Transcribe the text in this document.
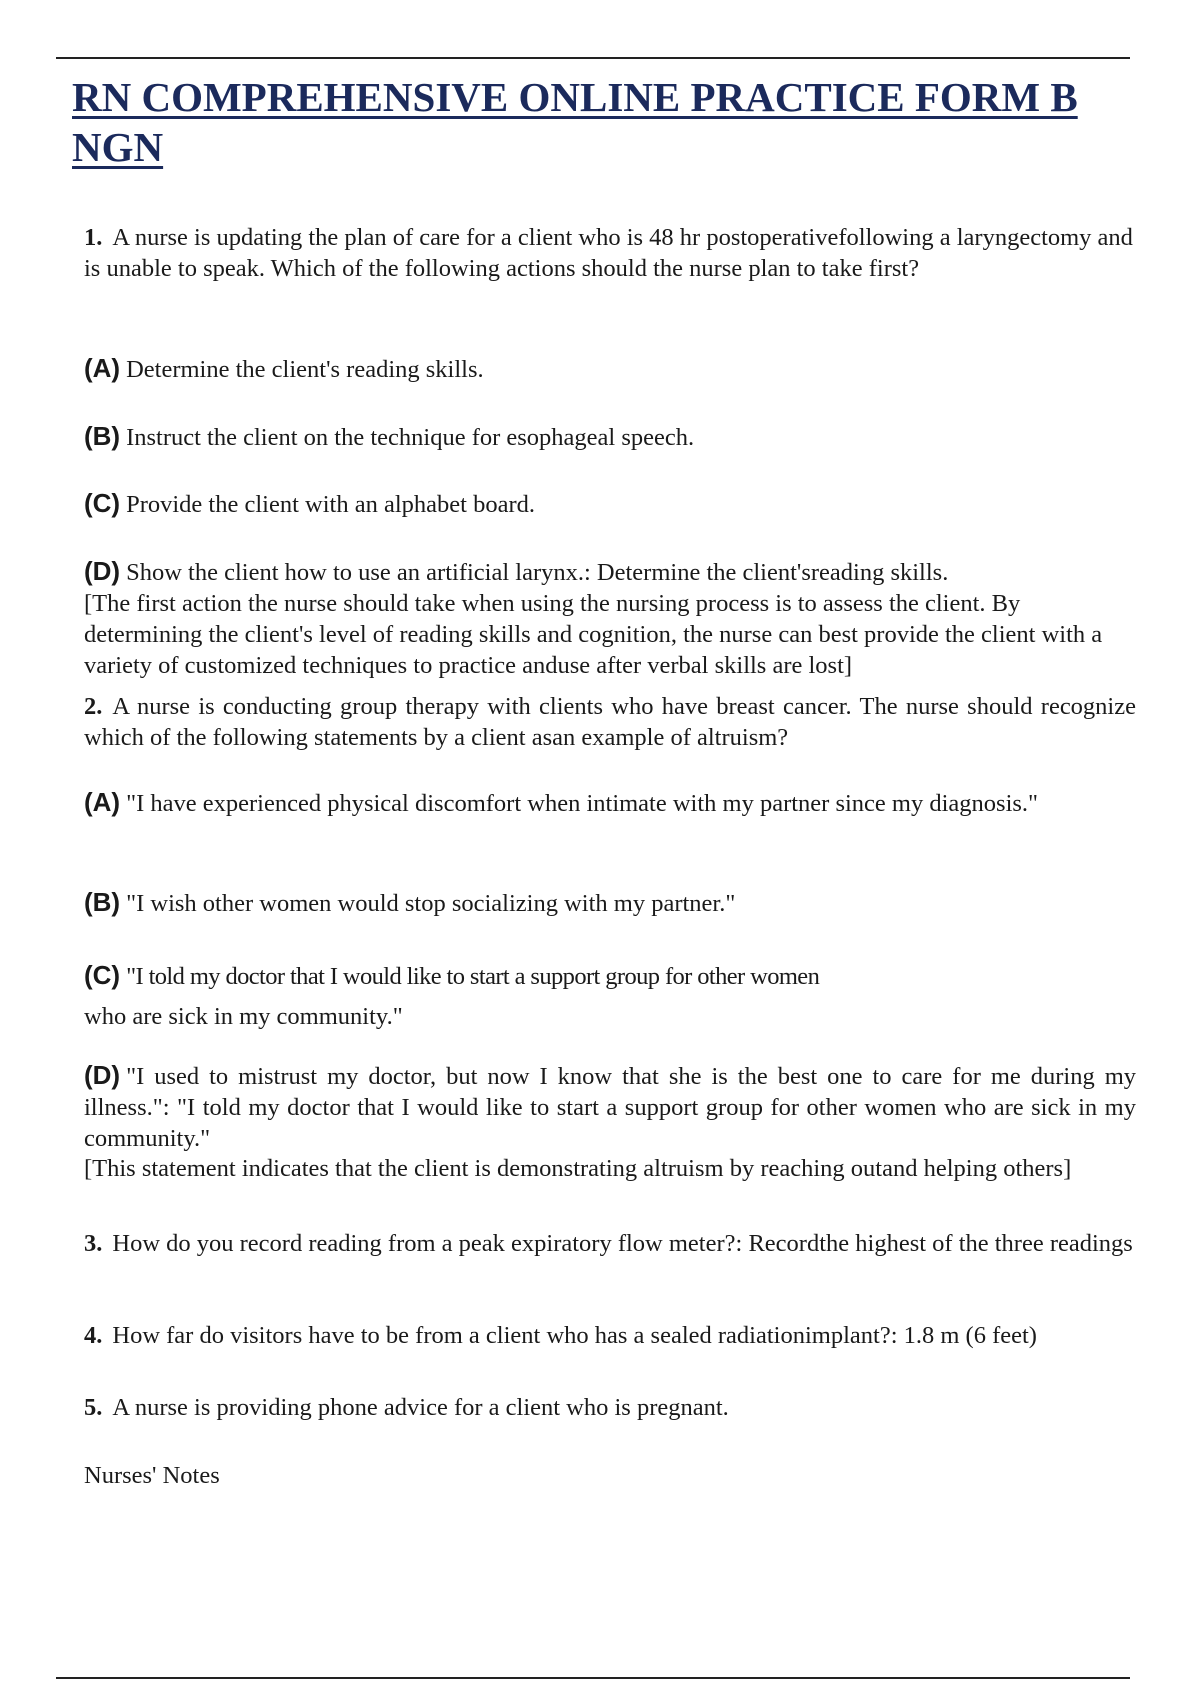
RN COMPREHENSIVE ONLINE PRACTICE FORM B
NGN
1. A nurse is updating the plan of care for a client who is 48 hr postoperativefollowing a laryngectomy and is unable to speak. Which of the following actions should the nurse plan to take first?
(A) Determine the client's reading skills.
(B) Instruct the client on the technique for esophageal speech.
(C) Provide the client with an alphabet board.
(D) Show the client how to use an artificial larynx.: Determine the client'sreading skills.
[The first action the nurse should take when using the nursing process is to assess the client. By determining the client's level of reading skills and cognition, the nurse can best provide the client with a variety of customized techniques to practice anduse after verbal skills are lost]
2. A nurse is conducting group therapy with clients who have breast cancer. The nurse should recognize which of the following statements by a client asan example of altruism?
(A) "I have experienced physical discomfort when intimate with my partner since my diagnosis."
(B) "I wish other women would stop socializing with my partner."
(C) "I told my doctor that I would like to start a support group for other women
who are sick in my community."
(D) "I used to mistrust my doctor, but now I know that she is the best one to care for me during my illness.": "I told my doctor that I would like to start a support group for other women who are sick in my community."
[This statement indicates that the client is demonstrating altruism by reaching outand helping others]
3. How do you record reading from a peak expiratory flow meter?: Recordthe highest of the three readings
4. How far do visitors have to be from a client who has a sealed radiationimplant?: 1.8 m (6 feet)
5. A nurse is providing phone advice for a client who is pregnant.
Nurses' Notes
